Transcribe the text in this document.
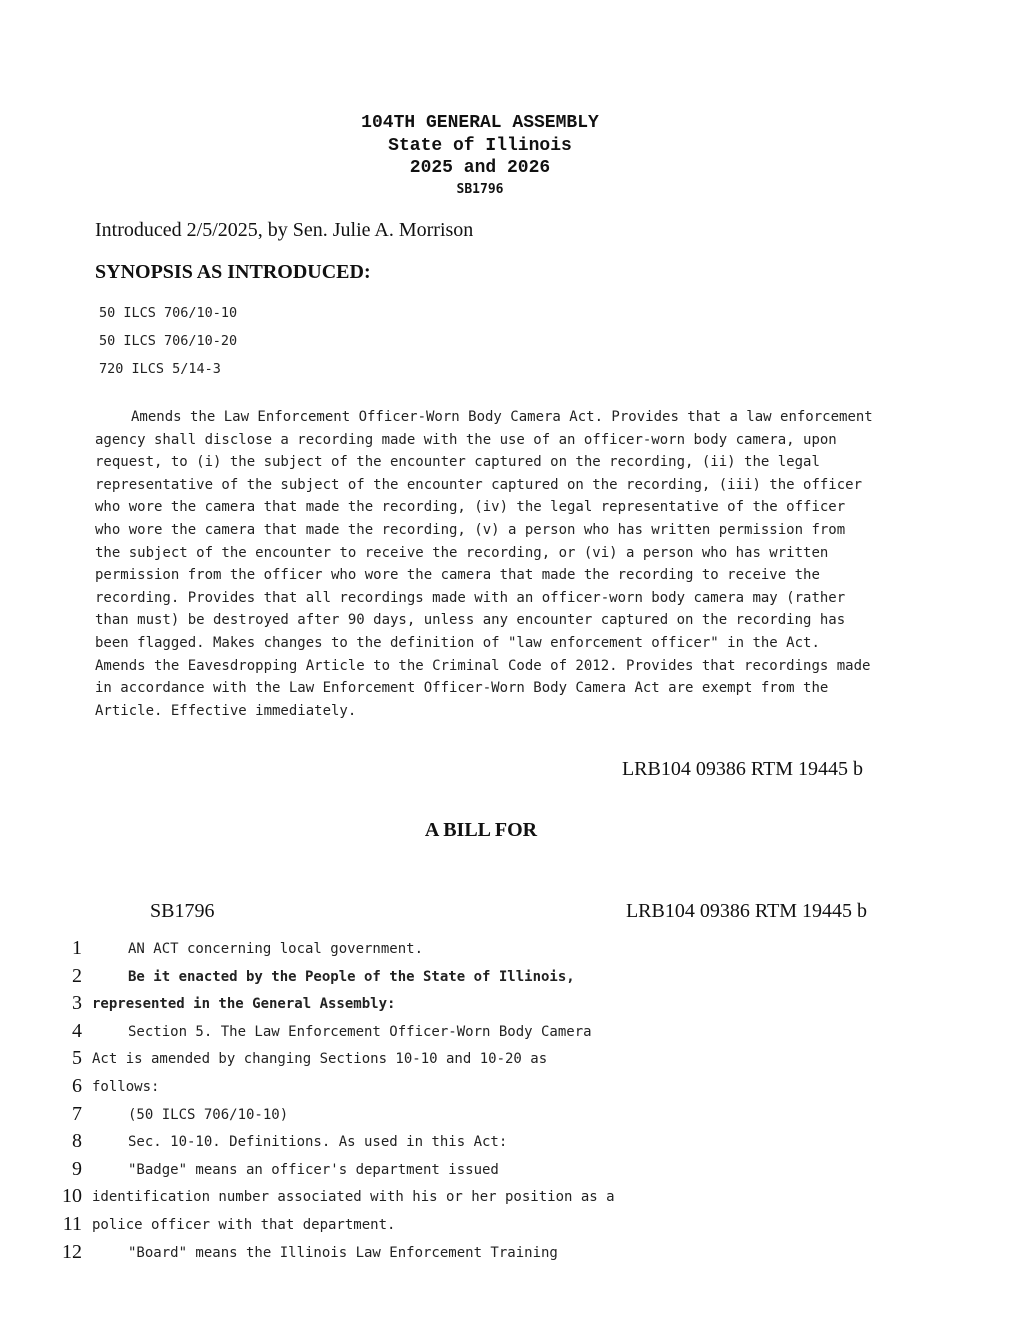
104TH GENERAL ASSEMBLY
State of Illinois
2025 and 2026
SB1796
Introduced 2/5/2025, by Sen. Julie A. Morrison
SYNOPSIS AS INTRODUCED:
50 ILCS 706/10-10
50 ILCS 706/10-20
720 ILCS 5/14-3
Amends the Law Enforcement Officer-Worn Body Camera Act. Provides that a law enforcement agency shall disclose a recording made with the use of an officer-worn body camera, upon request, to (i) the subject of the encounter captured on the recording, (ii) the legal representative of the subject of the encounter captured on the recording, (iii) the officer who wore the camera that made the recording, (iv) the legal representative of the officer who wore the camera that made the recording, (v) a person who has written permission from the subject of the encounter to receive the recording, or (vi) a person who has written permission from the officer who wore the camera that made the recording to receive the recording. Provides that all recordings made with an officer-worn body camera may (rather than must) be destroyed after 90 days, unless any encounter captured on the recording has been flagged. Makes changes to the definition of "law enforcement officer" in the Act. Amends the Eavesdropping Article to the Criminal Code of 2012. Provides that recordings made in accordance with the Law Enforcement Officer-Worn Body Camera Act are exempt from the Article. Effective immediately.
LRB104 09386 RTM 19445 b
A BILL FOR
SB1796	LRB104 09386 RTM 19445 b
1	AN ACT concerning local government.
2	Be it enacted by the People of the State of Illinois,
3 represented in the General Assembly:
4	Section 5. The Law Enforcement Officer-Worn Body Camera
5 Act is amended by changing Sections 10-10 and 10-20 as
6 follows:
7	(50 ILCS 706/10-10)
8	Sec. 10-10. Definitions. As used in this Act:
9	"Badge" means an officer's department issued
10 identification number associated with his or her position as a
11 police officer with that department.
12	"Board" means the Illinois Law Enforcement Training
